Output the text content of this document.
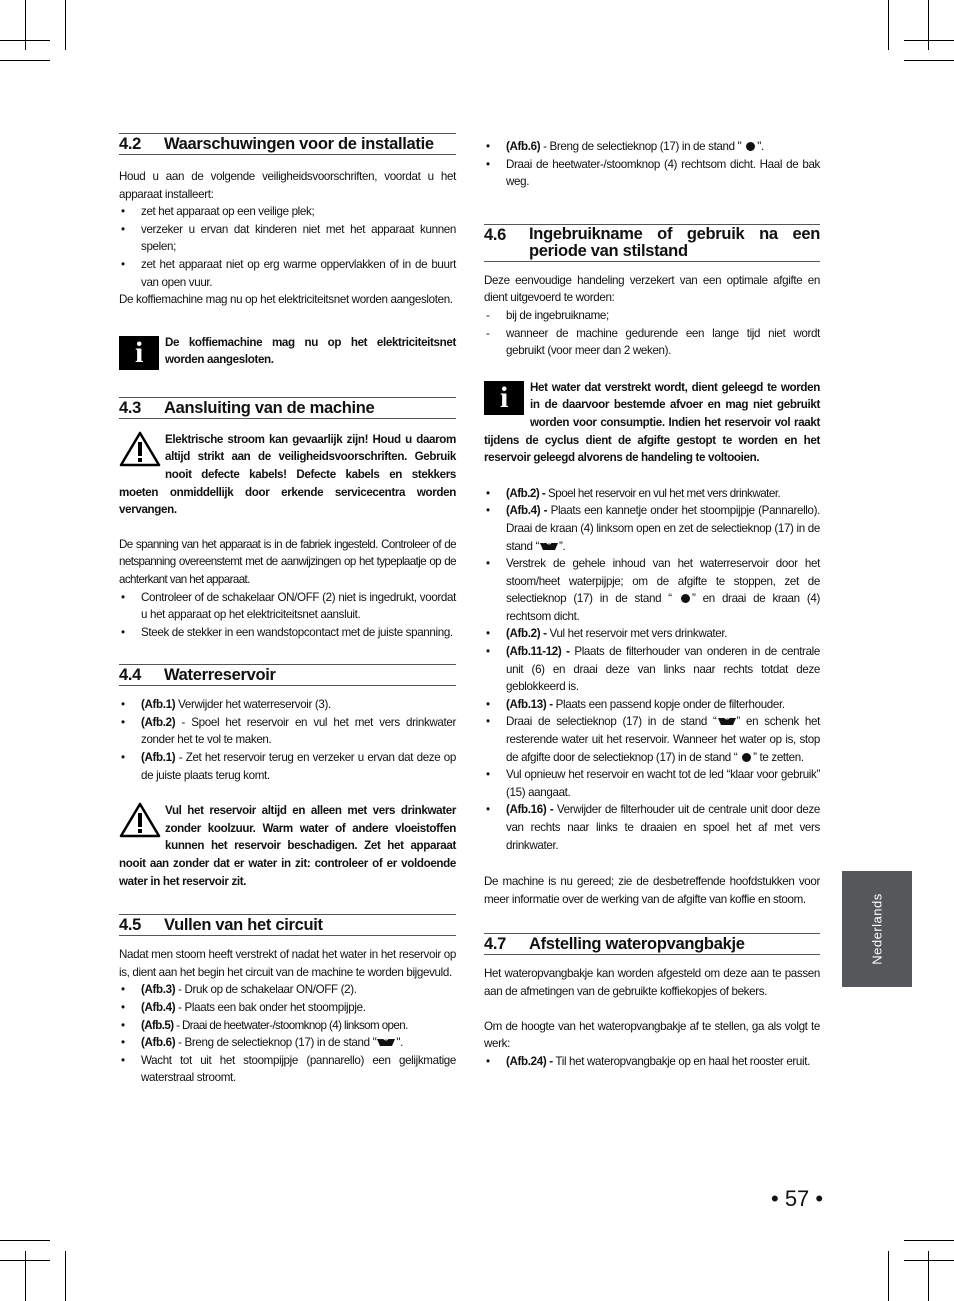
4.2	Waarschuwingen voor de installatie

Houd u aan de volgende veiligheidsvoorschriften, voordat u het apparaat installeert:

• zet het apparaat op een veilige plek;
• verzeker u ervan dat kinderen niet met het apparaat kunnen spelen;
• zet het apparaat niet op erg warme oppervlakken of in de buurt van open vuur.

De koffiemachine mag nu op het elektriciteitsnet worden aangesloten.

i	De koffiemachine mag nu op het elektriciteitsnet worden aangesloten.
4.3	Aansluiting van de machine
Elektrische stroom kan gevaarlijk zijn! Houd u daarom altijd strikt aan de veiligheidsvoorschriften. Gebruik nooit defecte kabels! Defecte kabels en stekkers moeten onmiddellijk door erkende servicecentra worden vervangen.

De spanning van het apparaat is in de fabriek ingesteld. Controleer of de netspanning overeenstemt met de aanwijzingen op het typeplaatje op de achterkant van het apparaat.

• Controleer of de schakelaar ON/OFF (2) niet is ingedrukt, voordat u het apparaat op het elektriciteitsnet aansluit.
• Steek de stekker in een wandstopcontact met de juiste spanning.
4.4	Waterreservoir
• (Afb.1) Verwijder het waterreservoir (3).
• (Afb.2) - Spoel het reservoir en vul het met vers drinkwater zonder het te vol te maken.
• (Afb.1) - Zet het reservoir terug en verzeker u ervan dat deze op de juiste plaats terug komt.
Vul het reservoir altijd en alleen met vers drinkwater zonder koolzuur. Warm water of andere vloeistoffen kunnen het reservoir beschadigen. Zet het apparaat nooit aan zonder dat er water in zit: controleer of er voldoende water in het reservoir zit.
4.5	Vullen van het circuit

Nadat men stoom heeft verstrekt of nadat het water in het reservoir op is, dient aan het begin het circuit van de machine te worden bijgevuld.

• (Afb.3) - Druk op de schakelaar ON/OFF (2).
• (Afb.4) - Plaats een bak onder het stoompijpje.
• (Afb.5) - Draai de heetwater-/stoomknop (4) linksom open.
• (Afb.6) - Breng de selectieknop (17) in de stand " ".
• Wacht tot uit het stoompijpje (pannarello) een gelijkmatige waterstraal stroomt.
• (Afb.6) - Breng de selectieknop (17) in de stand " ".
• Draai de heetwater-/stoomknop (4) rechtsom dicht. Haal de bak weg.
4.6	Ingebruikname of gebruik na een periode van stilstand

Deze eenvoudige handeling verzekert van een optimale afgifte en dient uitgevoerd te worden:

- bij de ingebruikname;
- wanneer de machine gedurende een lange tijd niet wordt gebruikt (voor meer dan 2 weken).
i	Het water dat verstrekt wordt, dient geleegd te worden in de daarvoor bestemde afvoer en mag niet gebruikt worden voor consumptie. Indien het reservoir vol raakt tijdens de cyclus dient de afgifte gestopt te worden en het reservoir geleegd alvorens de handeling te voltooien.
• (Afb.2) - Spoel het reservoir en vul het met vers drinkwater.
• (Afb.4) - Plaats een kannetje onder het stoompijpje (Pannarello). Draai de kraan (4) linksom open en zet de selectieknop (17) in de stand “ ”.
• Verstrek de gehele inhoud van het waterreservoir door het stoom/heet waterpijpje; om de afgifte te stoppen, zet de selectieknop (17) in de stand “ ” en draai de kraan (4) rechtsom dicht.
• (Afb.2) - Vul het reservoir met vers drinkwater.
• (Afb.11-12) - Plaats de filterhouder van onderen in de centrale unit (6) en draai deze van links naar rechts totdat deze geblokkeerd is.
• (Afb.13) - Plaats een passend kopje onder de filterhouder.
• Draai de selectieknop (17) in de stand “ ” en schenk het resterende water uit het reservoir. Wanneer het water op is, stop de afgifte door de selectieknop (17) in de stand “ ” te zetten.
• Vul opnieuw het reservoir en wacht tot de led “klaar voor gebruik” (15) aangaat.
• (Afb.16) - Verwijder de filterhouder uit de centrale unit door deze van rechts naar links te draaien en spoel het af met vers drinkwater.

De machine is nu gereed; zie de desbetreffende hoofdstukken voor meer informatie over de werking van de afgifte van koffie en stoom.

4.7	Afstelling wateropvangbakje

Het wateropvangbakje kan worden afgesteld om deze aan te passen aan de afmetingen van de gebruikte koffiekopjes of bekers.

Om de hoogte van het wateropvangbakje af te stellen, ga als volgt te werk:

• (Afb.24) - Til het wateropvangbakje op en haal het rooster eruit.
Nederlands
• 57 •
